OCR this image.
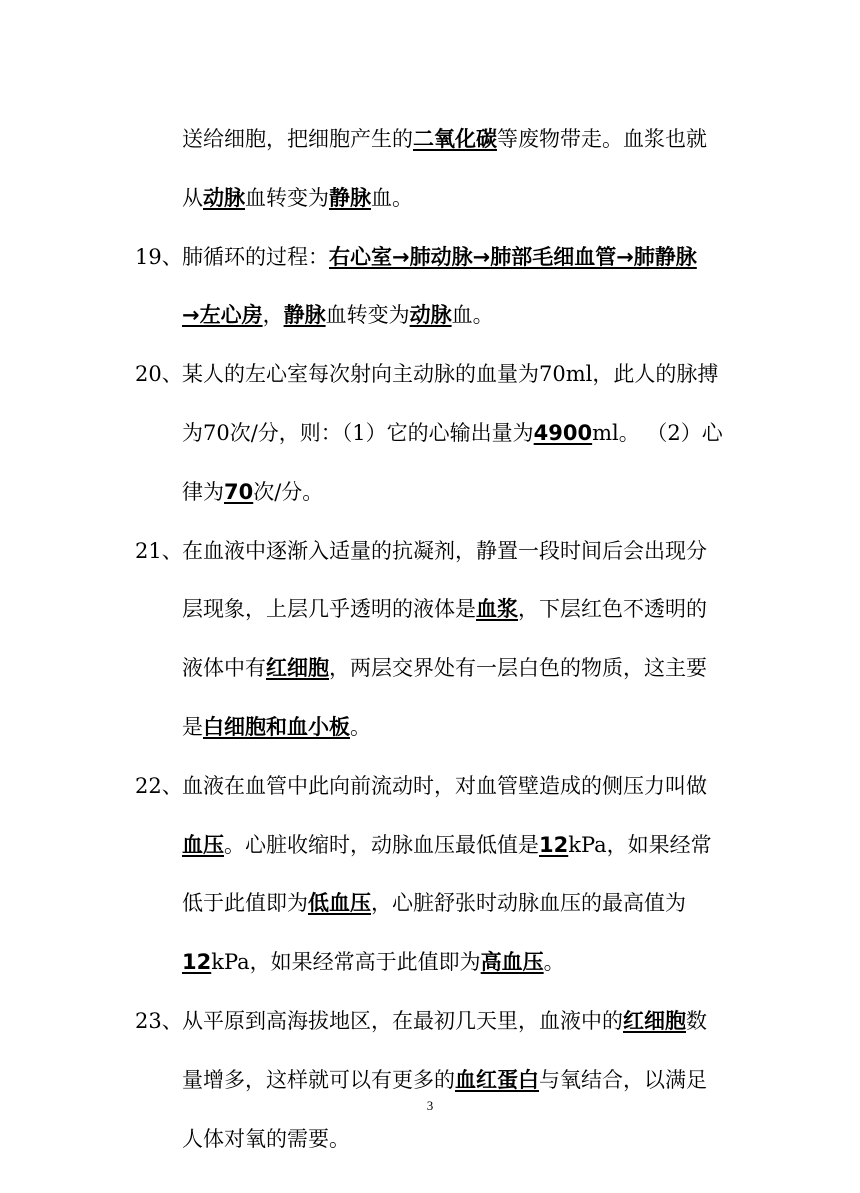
送给细胞，把细胞产生的二氧化碳等废物带走。血浆也就
从动脉血转变为静脉血。
19、 肺循环的过程：右心室→肺动脉→肺部毛细血管→肺静脉
→左心房，静脉血转变为动脉血。
20、 某人的左心室每次射向主动脉的血量为70ml，此人的脉搏
为70次/分，则：（1）它的心输出量为4900ml。 （2）心
律为70次/分。
21、 在血液中逐渐入适量的抗凝剂，静置一段时间后会出现分
层现象，上层几乎透明的液体是血浆，下层红色不透明的
液体中有红细胞，两层交界处有一层白色的物质，这主要
是白细胞和血小板。
22、 血液在血管中此向前流动时，对血管壁造成的侧压力叫做
血压。心脏收缩时，动脉血压最低值是12kPa，如果经常
低于此值即为低血压，心脏舒张时动脉血压的最高值为
12kPa，如果经常高于此值即为高血压。
23、 从平原到高海拔地区，在最初几天里，血液中的红细胞数
量增多，这样就可以有更多的血红蛋白与氧结合，以满足
人体对氧的需要。
3
